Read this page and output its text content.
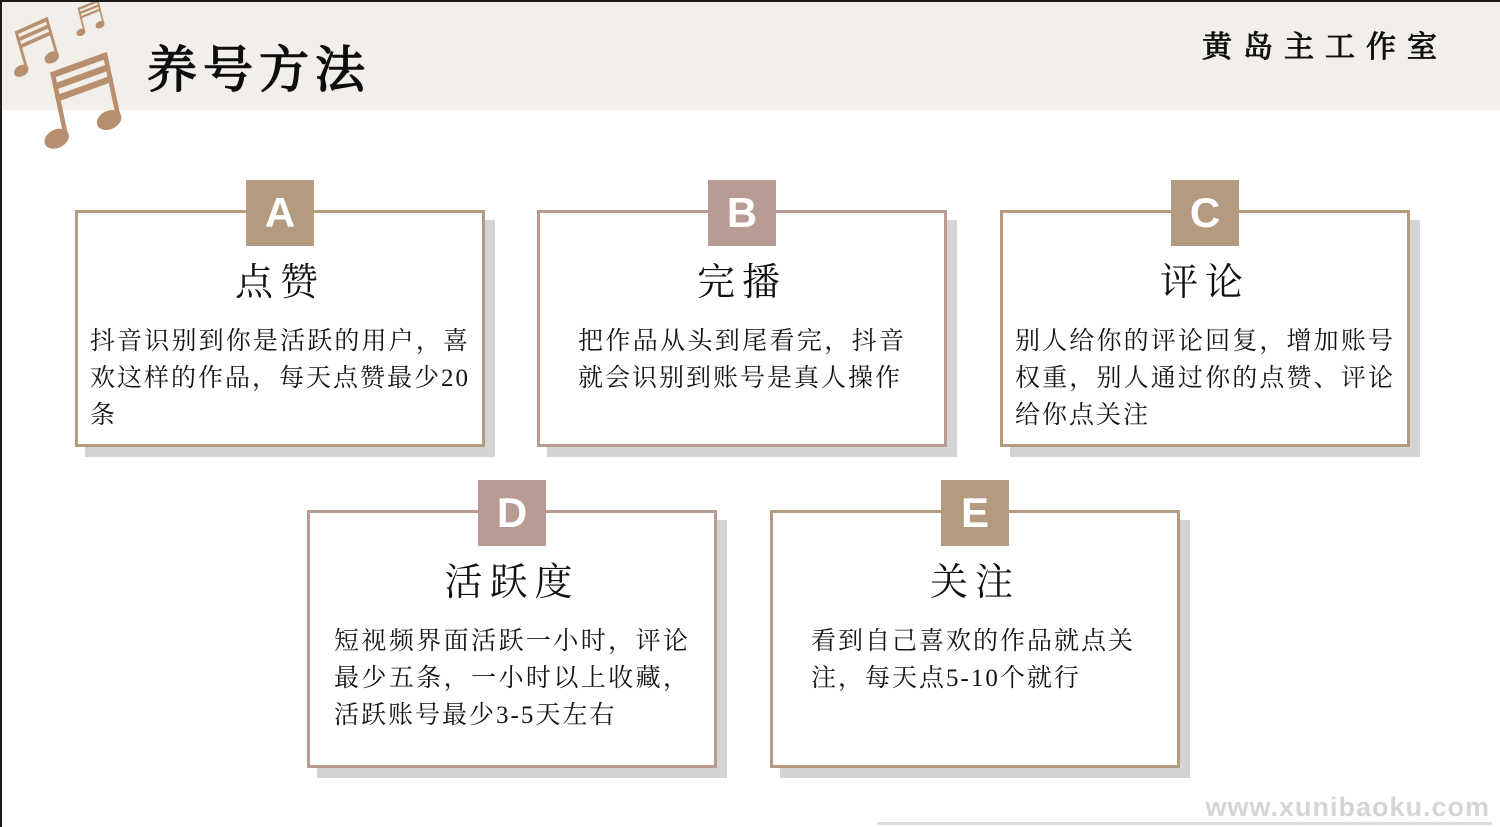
养号方法	黄岛主工作室
A
点赞
抖音识别到你是活跃的用户，喜欢这样的作品，每天点赞最少20条
B
完播
把作品从头到尾看完，抖音就会识别到账号是真人操作
C
评论
别人给你的评论回复，增加账号权重，别人通过你的点赞、评论给你点关注
D
活跃度
短视频界面活跃一小时，评论最少五条，一小时以上收藏，活跃账号最少3-5天左右
E
关注
看到自己喜欢的作品就点关注，每天点5-10个就行
www.xunibaoku.com
